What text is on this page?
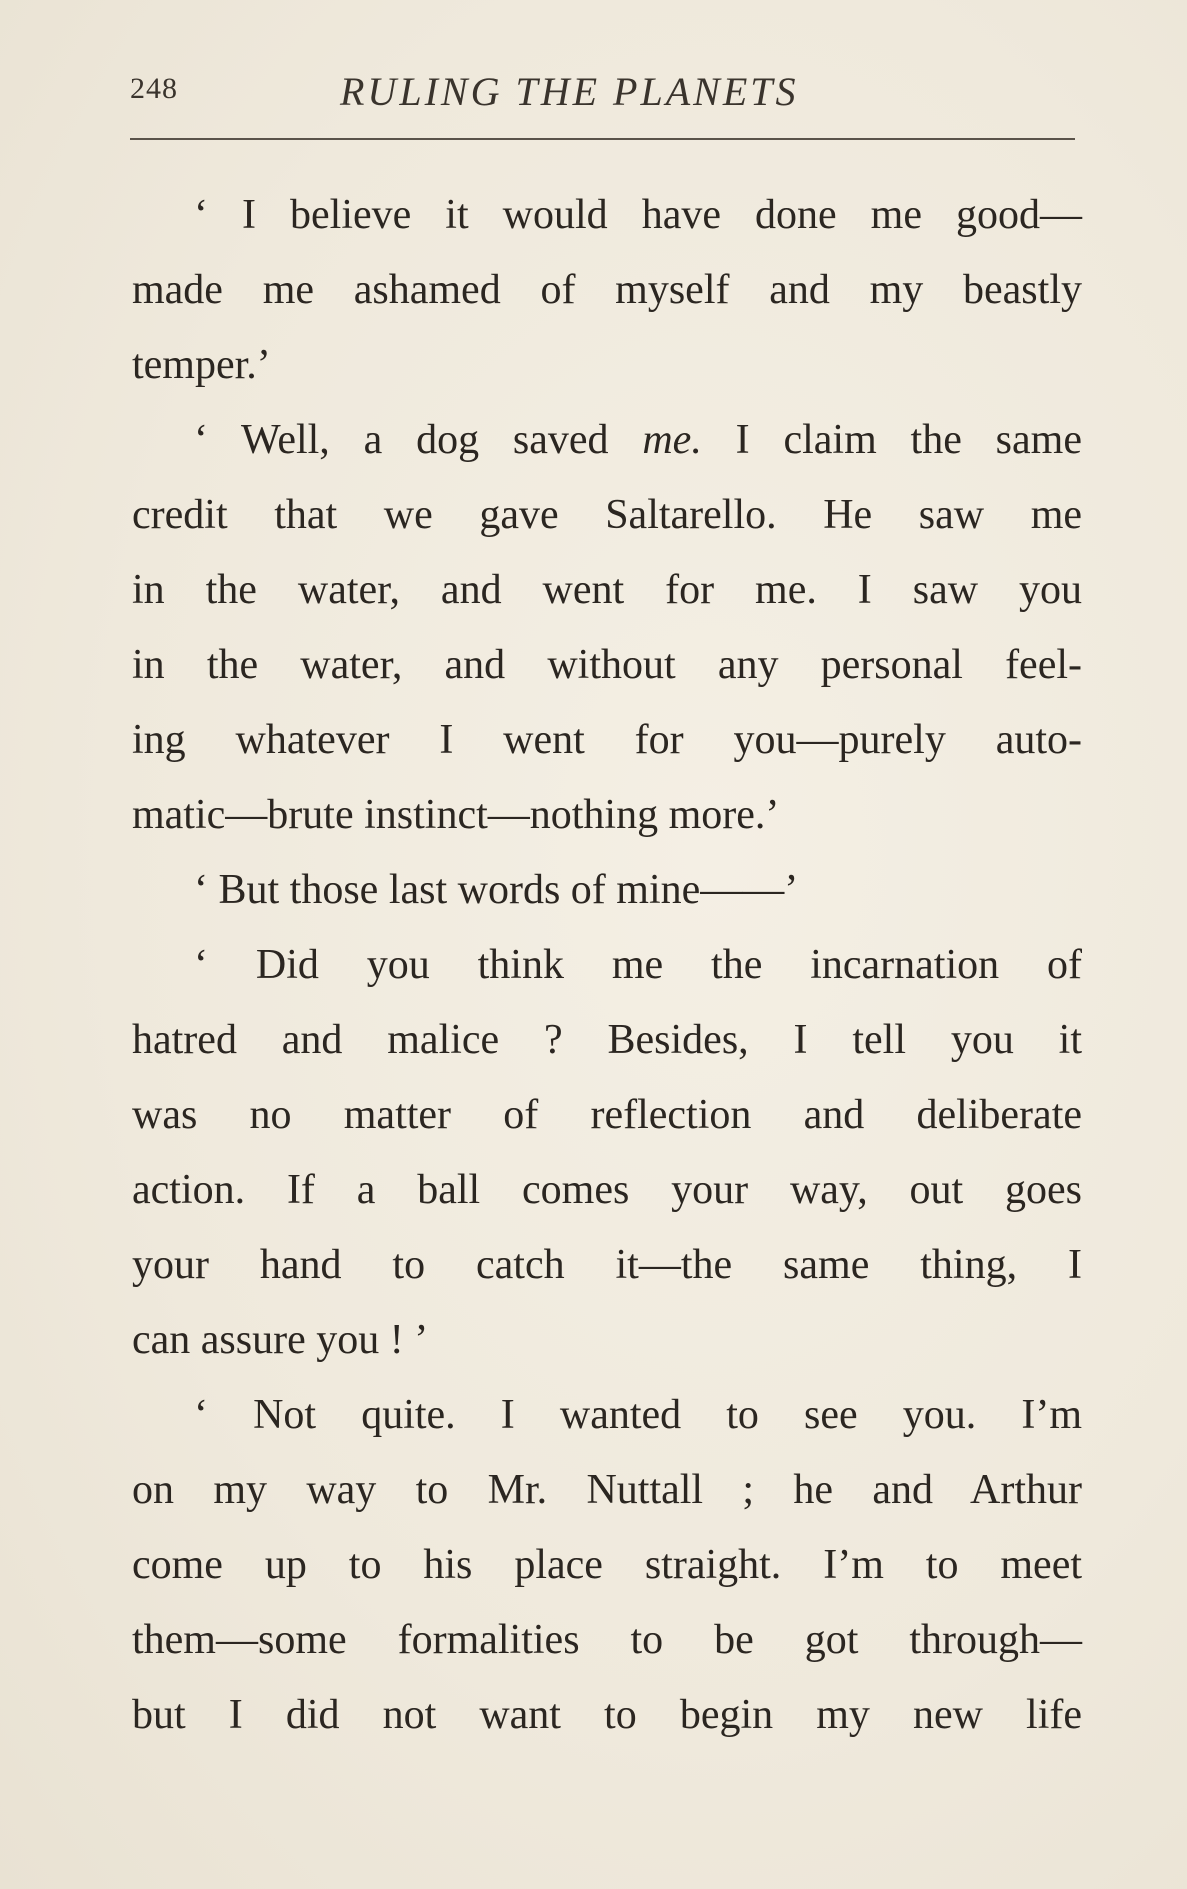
248	RULING THE PLANETS
‘ I believe it would have done me good—
made me ashamed of myself and my beastly
temper.’
‘ Well, a dog saved me. I claim the same
credit that we gave Saltarello. He saw me
in the water, and went for me. I saw you
in the water, and without any personal feel-
ing whatever I went for you—purely auto-
matic—brute instinct—nothing more.’
‘ But those last words of mine——’
‘ Did you think me the incarnation of
hatred and malice ? Besides, I tell you it
was no matter of reflection and deliberate
action. If a ball comes your way, out goes
your hand to catch it—the same thing, I
can assure you ! ’
‘ Not quite. I wanted to see you. I’m
on my way to Mr. Nuttall ; he and Arthur
come up to his place straight. I’m to meet
them—some formalities to be got through—
but I did not want to begin my new life
